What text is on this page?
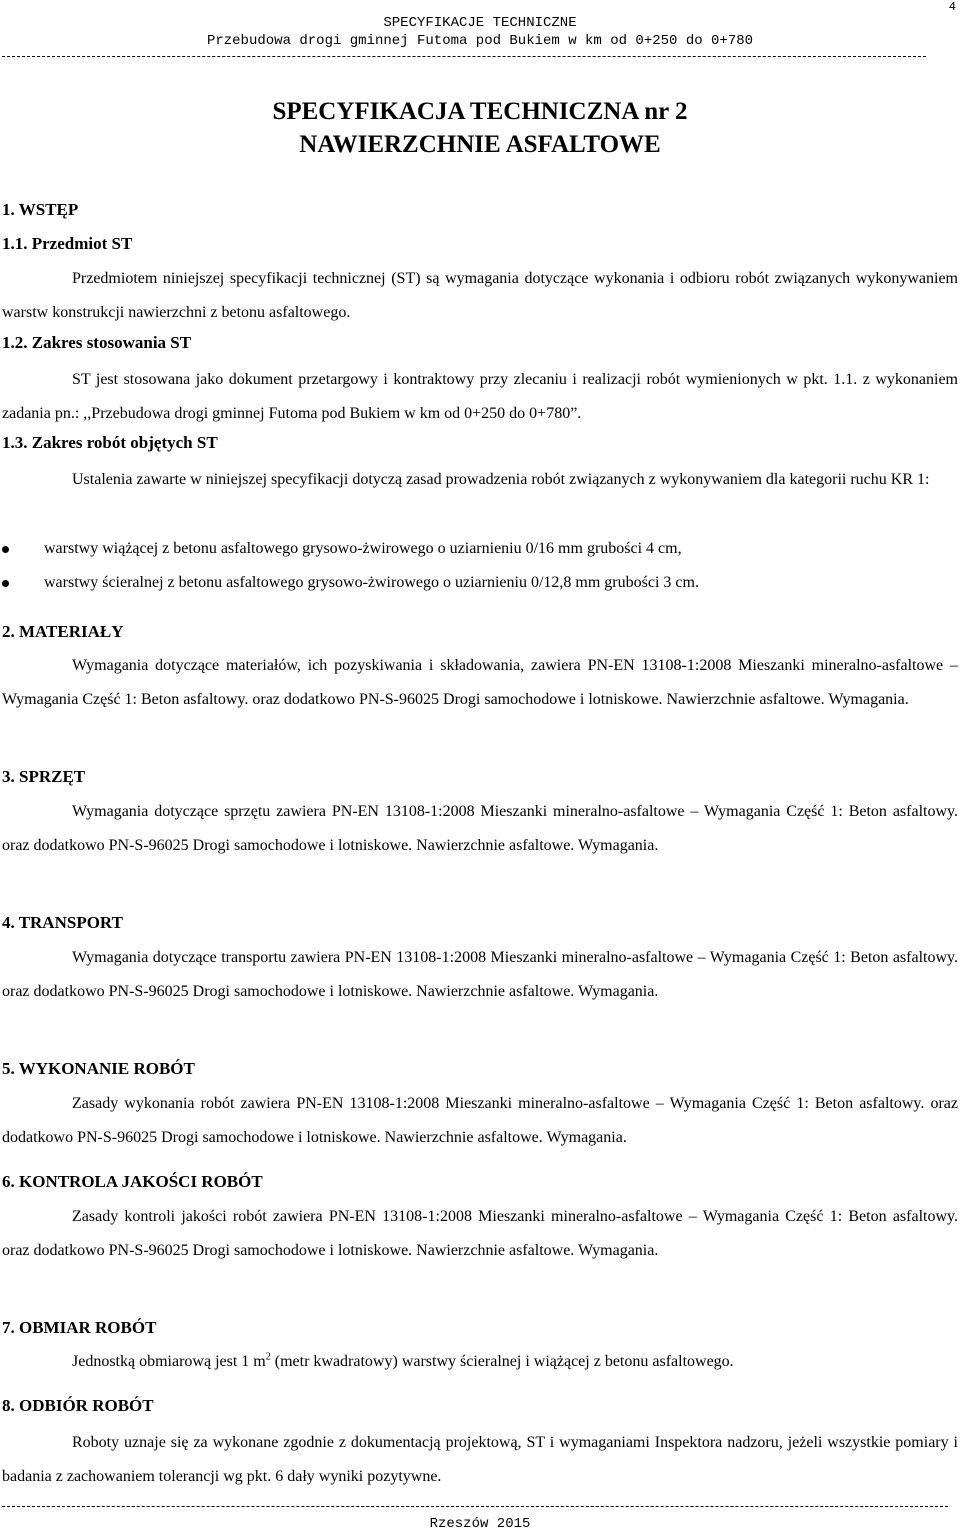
4
SPECYFIKACJE TECHNICZNE
Przebudowa drogi gminnej Futoma pod Bukiem w km od 0+250 do 0+780
SPECYFIKACJA TECHNICZNA nr 2
NAWIERZCHNIE ASFALTOWE
1. WSTĘP
1.1. Przedmiot ST
Przedmiotem niniejszej specyfikacji technicznej (ST) są wymagania dotyczące wykonania i odbioru robót związanych wykonywaniem warstw konstrukcji nawierzchni z betonu asfaltowego.
1.2. Zakres stosowania ST
ST jest stosowana jako dokument przetargowy i kontraktowy przy zlecaniu i realizacji robót wymienionych w pkt. 1.1. z wykonaniem zadania pn.: ,,Przebudowa drogi gminnej Futoma pod Bukiem w km od 0+250 do 0+780”.
1.3. Zakres robót objętych ST
Ustalenia zawarte w niniejszej specyfikacji dotyczą zasad prowadzenia robót związanych z wykonywaniem dla kategorii ruchu KR 1:
warstwy wiążącej z betonu asfaltowego grysowo-żwirowego o uziarnieniu 0/16 mm grubości 4 cm,
warstwy ścieralnej z betonu asfaltowego grysowo-żwirowego o uziarnieniu 0/12,8 mm grubości 3 cm.
2. MATERIAŁY
Wymagania dotyczące materiałów, ich pozyskiwania i składowania, zawiera PN-EN 13108-1:2008 Mieszanki mineralno-asfaltowe – Wymagania Część 1: Beton asfaltowy. oraz dodatkowo PN-S-96025 Drogi samochodowe i lotniskowe. Nawierzchnie asfaltowe. Wymagania.
3. SPRZĘT
Wymagania dotyczące sprzętu zawiera PN-EN 13108-1:2008 Mieszanki mineralno-asfaltowe – Wymagania Część 1: Beton asfaltowy. oraz dodatkowo PN-S-96025 Drogi samochodowe i lotniskowe. Nawierzchnie asfaltowe. Wymagania.
4. TRANSPORT
Wymagania dotyczące transportu zawiera PN-EN 13108-1:2008 Mieszanki mineralno-asfaltowe – Wymagania Część 1: Beton asfaltowy. oraz dodatkowo PN-S-96025 Drogi samochodowe i lotniskowe. Nawierzchnie asfaltowe. Wymagania.
5. WYKONANIE ROBÓT
Zasady wykonania robót zawiera PN-EN 13108-1:2008 Mieszanki mineralno-asfaltowe – Wymagania Część 1: Beton asfaltowy. oraz dodatkowo PN-S-96025 Drogi samochodowe i lotniskowe. Nawierzchnie asfaltowe. Wymagania.
6. KONTROLA JAKOŚCI ROBÓT
Zasady kontroli jakości robót zawiera PN-EN 13108-1:2008 Mieszanki mineralno-asfaltowe – Wymagania Część 1: Beton asfaltowy. oraz dodatkowo PN-S-96025 Drogi samochodowe i lotniskowe. Nawierzchnie asfaltowe. Wymagania.
7. OBMIAR ROBÓT
Jednostką obmiarową jest 1 $m^2$ (metr kwadratowy) warstwy ścieralnej i wiążącej z betonu asfaltowego.
8. ODBIÓR ROBÓT
Roboty uznaje się za wykonane zgodnie z dokumentacją projektową, ST i wymaganiami Inspektora nadzoru, jeżeli wszystkie pomiary i badania z zachowaniem tolerancji wg pkt. 6 dały wyniki pozytywne.
Rzeszów 2015
